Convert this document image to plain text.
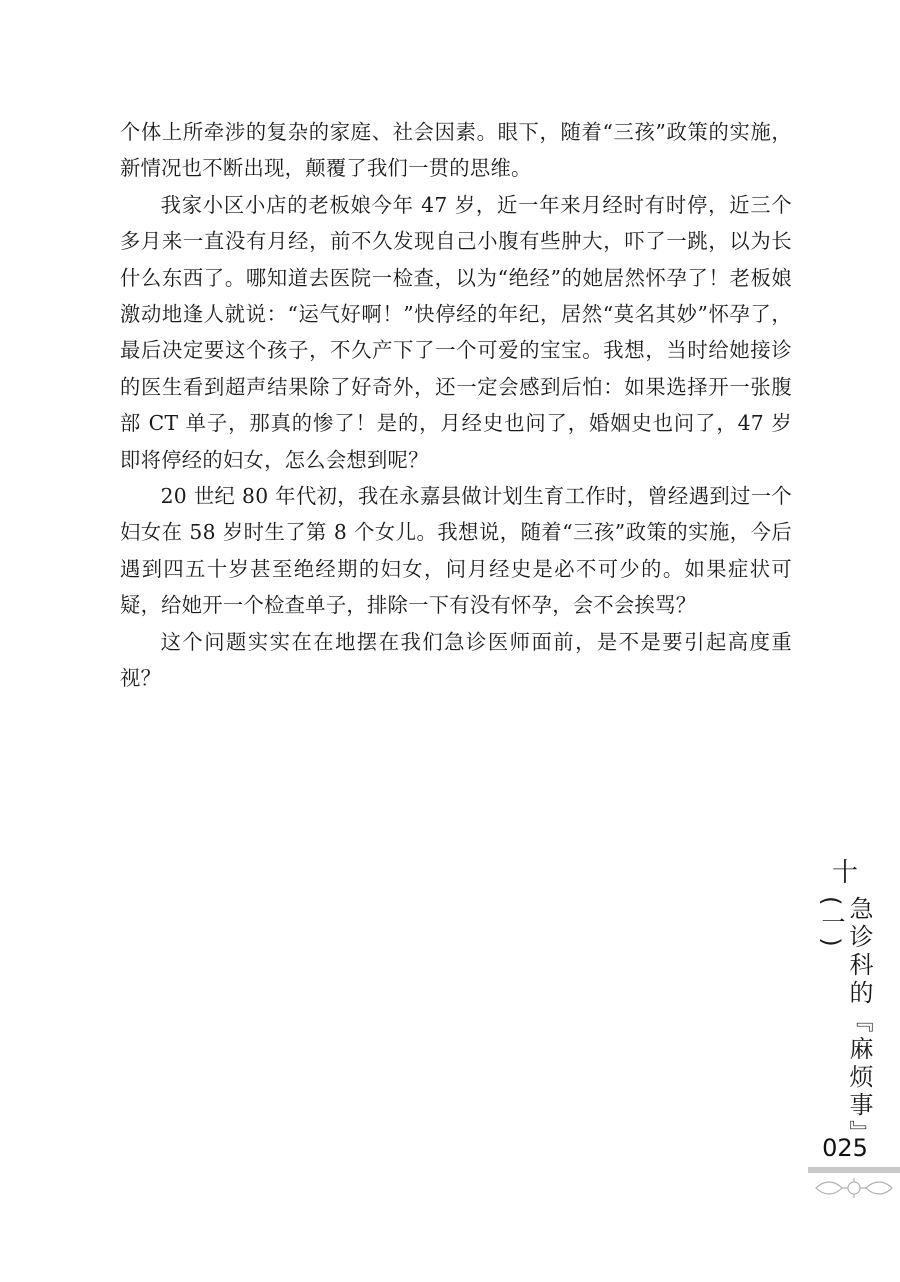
个体上所牵涉的复杂的家庭、社会因素。眼下，随着“三孩”政策的实施，新情况也不断出现，颠覆了我们一贯的思维。

我家小区小店的老板娘今年 47 岁，近一年来月经时有时停，近三个多月来一直没有月经，前不久发现自己小腹有些肿大，吓了一跳，以为长什么东西了。哪知道去医院一检查，以为“绝经”的她居然怀孕了！老板娘激动地逢人就说：“运气好啊！”快停经的年纪，居然“莫名其妙”怀孕了，最后决定要这个孩子，不久产下了一个可爱的宝宝。我想，当时给她接诊的医生看到超声结果除了好奇外，还一定会感到后怕：如果选择开一张腹部 CT 单子，那真的惨了！是的，月经史也问了，婚姻史也问了，47 岁即将停经的妇女，怎么会想到呢？

20 世纪 80 年代初，我在永嘉县做计划生育工作时，曾经遇到过一个妇女在 58 岁时生了第 8 个女儿。我想说，随着“三孩”政策的实施，今后遇到四五十岁甚至绝经期的妇女，问月经史是必不可少的。如果症状可疑，给她开一个检查单子，排除一下有没有怀孕，会不会挨骂？

这个问题实实在在地摆在我们急诊医师面前，是不是要引起高度重视？

十
急诊科的『麻烦事』(一)
025
